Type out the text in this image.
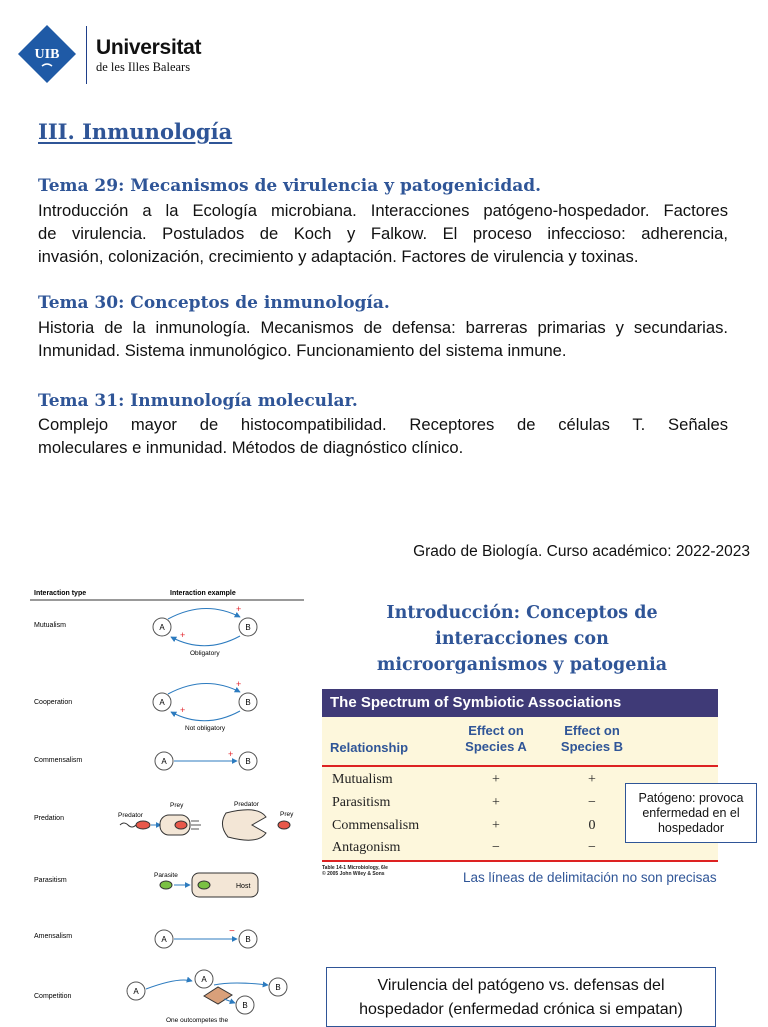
UIB Universitat
de les Illes Balears
III. Inmunología
Tema 29: Mecanismos de virulencia y patogenicidad.
Introducción a la Ecología microbiana. Interacciones patógeno-hospedador. Factores
de virulencia. Postulados de Koch y Falkow. El proceso infeccioso: adherencia,
invasión, colonización, crecimiento y adaptación. Factores de virulencia y toxinas.
Tema 30: Conceptos de inmunología.
Historia de la inmunología. Mecanismos de defensa: barreras primarias y secundarias.
Inmunidad. Sistema inmunológico. Funcionamiento del sistema inmune.
Tema 31: Inmunología molecular.
Complejo mayor de histocompatibilidad. Receptores de células T. Señales
moleculares e inmunidad. Métodos de diagnóstico clínico.
Grado de Biología. Curso académico: 2022-2023
Interaction type	Interaction example
Mutualism	A	B
+
+
Obligatory
Cooperation	A	B
+
+
Not obligatory
Commensalism	A	B
+
Predation	Predator
Prey	Predator
Prey
Parasitism
Parasite
Host
Amensalism	A	B
−
Competition
A
A
B
B
One outcompetes the
Introducción: Conceptos de
interacciones con
microorganismos y patogenia
The Spectrum of Symbiotic Associations
Relationship
Effect on Species A
Effect on Species B
Mutualism	+	+
Parasitism	+	−
Commensalism	+	0
Antagonism	−	−
Table 14-1 Microbiology, 6/e
© 2005 John Wiley & Sons
Patógeno: provoca enfermedad en el hospedador
Las líneas de delimitación no son precisas
Virulencia del patógeno vs. defensas del
hospedador (enfermedad crónica si empatan)
